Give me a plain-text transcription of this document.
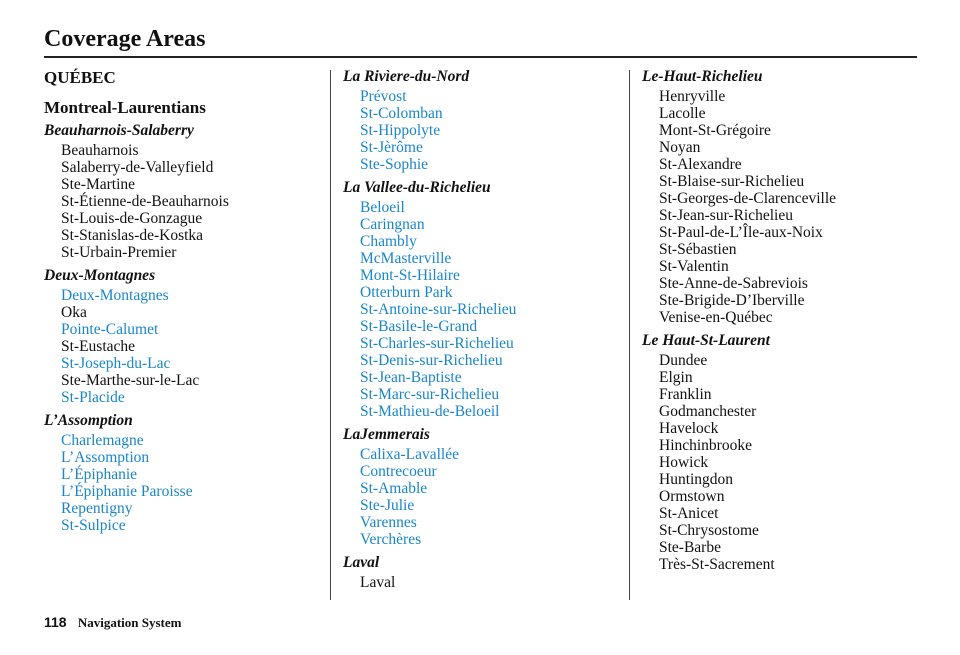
Coverage Areas
QUÉBEC
Montreal-Laurentians
Beauharnois-Salaberry
Beauharnois
Salaberry-de-Valleyfield
Ste-Martine
St-Étienne-de-Beauharnois
St-Louis-de-Gonzague
St-Stanislas-de-Kostka
St-Urbain-Premier
Deux-Montagnes
Deux-Montagnes
Oka
Pointe-Calumet
St-Eustache
St-Joseph-du-Lac
Ste-Marthe-sur-le-Lac
St-Placide
L’Assomption
Charlemagne
L’Assomption
L’Épiphanie
L’Épiphanie Paroisse
Repentigny
St-Sulpice
La Rivìere-du-Nord
Prévost
St-Colomban
St-Hippolyte
St-Jèrôme
Ste-Sophie
La Vallee-du-Richelieu
Beloeil
Caringnan
Chambly
McMasterville
Mont-St-Hilaire
Otterburn Park
St-Antoine-sur-Richelieu
St-Basile-le-Grand
St-Charles-sur-Richelieu
St-Denis-sur-Richelieu
St-Jean-Baptiste
St-Marc-sur-Richelieu
St-Mathieu-de-Beloeil
LaJemmerais
Calixa-Lavallée
Contrecoeur
St-Amable
Ste-Julie
Varennes
Verchères
Laval
Laval
Le-Haut-Richelieu
Henryville
Lacolle
Mont-St-Grégoire
Noyan
St-Alexandre
St-Blaise-sur-Richelieu
St-Georges-de-Clarenceville
St-Jean-sur-Richelieu
St-Paul-de-L’Île-aux-Noix
St-Sébastien
St-Valentin
Ste-Anne-de-Sabreviois
Ste-Brigide-D’Iberville
Venise-en-Québec
Le Haut-St-Laurent
Dundee
Elgin
Franklin
Godmanchester
Havelock
Hinchinbrooke
Howick
Huntingdon
Ormstown
St-Anicet
St-Chrysostome
Ste-Barbe
Très-St-Sacrement
118 Navigation System
